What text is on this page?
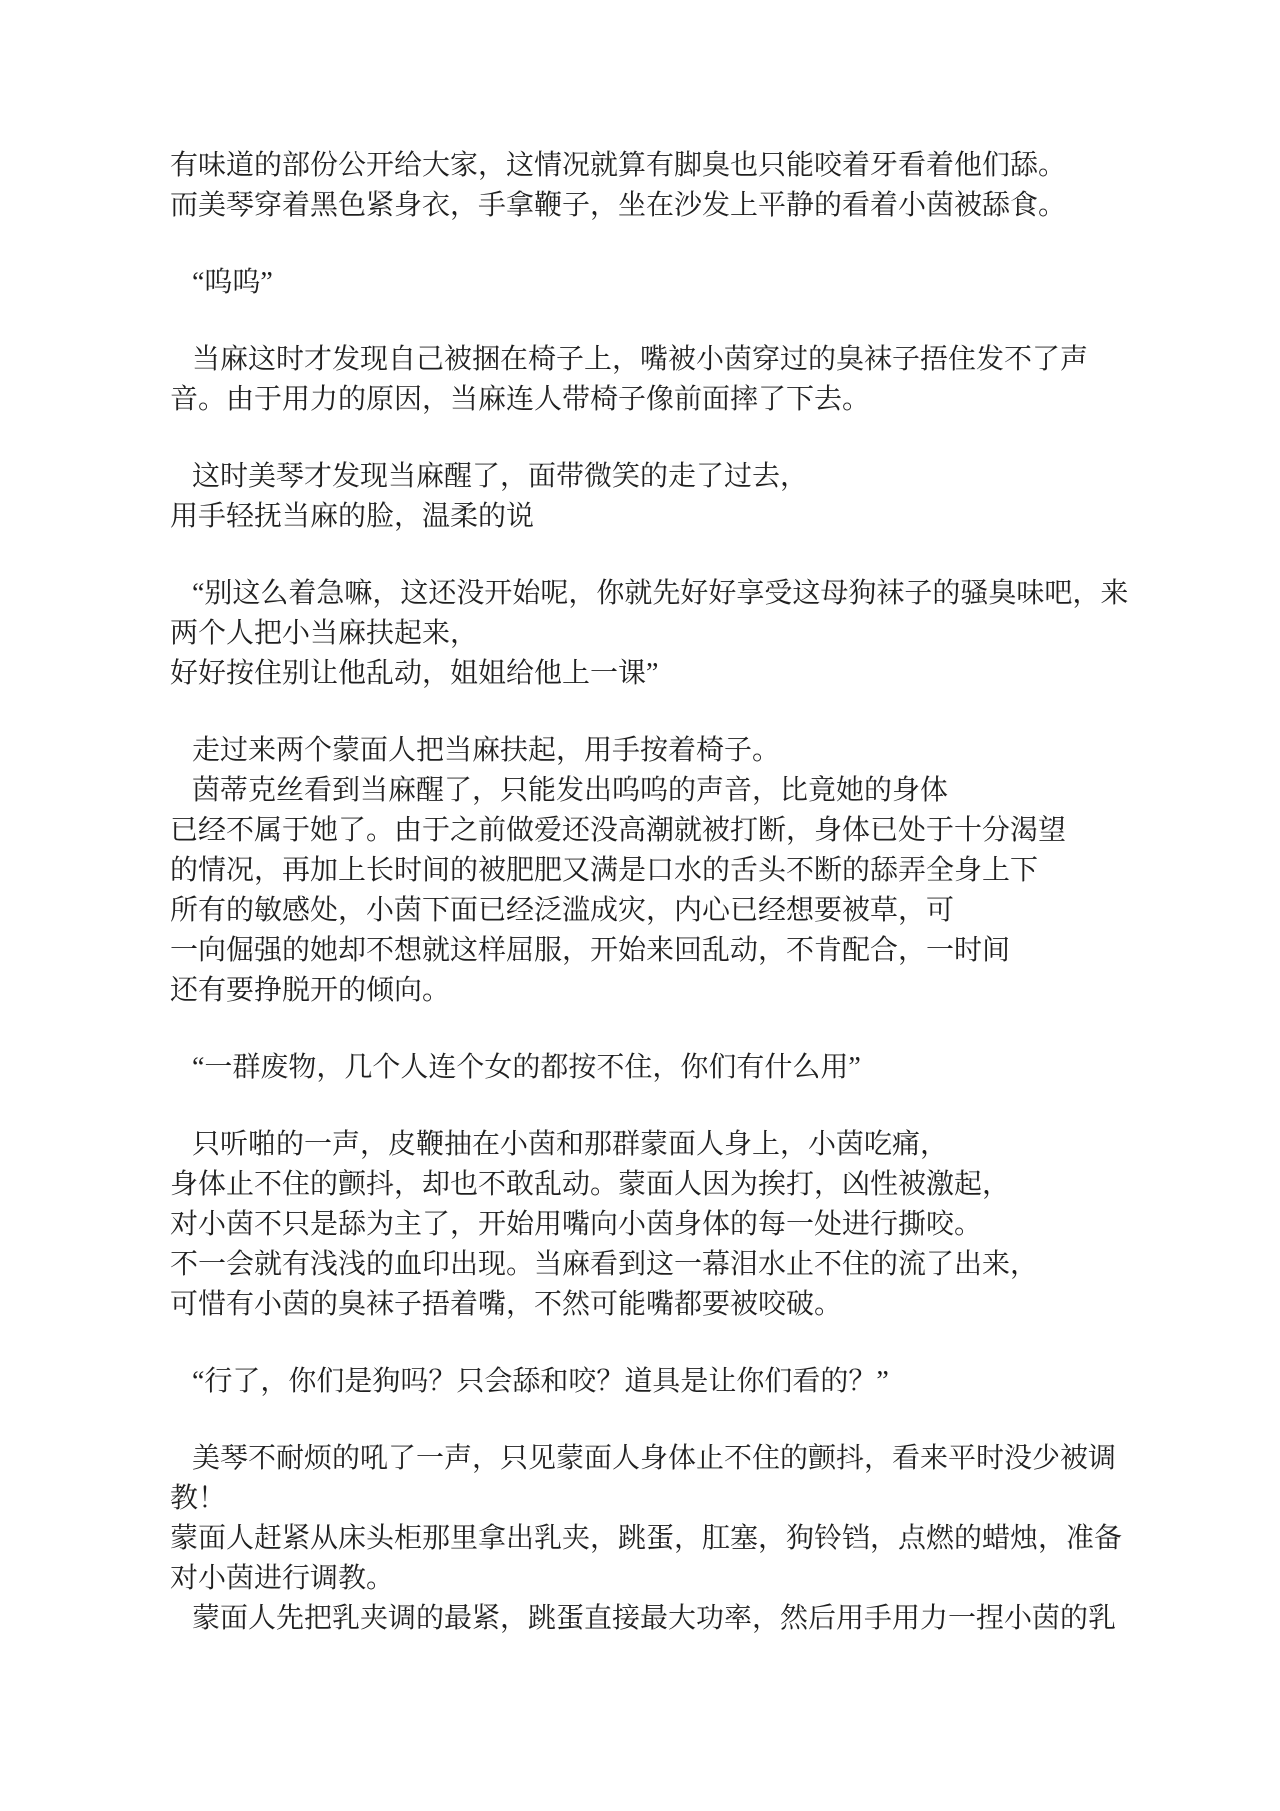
有味道的部份公开给大家，这情况就算有脚臭也只能咬着牙看着他们舔。
而美琴穿着黑色紧身衣，手拿鞭子，坐在沙发上平静的看着小茵被舔食。

“呜呜”

当麻这时才发现自己被捆在椅子上，嘴被小茵穿过的臭袜子捂住发不了声
音。由于用力的原因，当麻连人带椅子像前面摔了下去。

这时美琴才发现当麻醒了，面带微笑的走了过去，
用手轻抚当麻的脸，温柔的说

“别这么着急嘛，这还没开始呢，你就先好好享受这母狗袜子的骚臭味吧，来
两个人把小当麻扶起来，
好好按住别让他乱动，姐姐给他上一课”

走过来两个蒙面人把当麻扶起，用手按着椅子。
茵蒂克丝看到当麻醒了，只能发出呜呜的声音，比竟她的身体
已经不属于她了。由于之前做爱还没高潮就被打断，身体已处于十分渴望
的情况，再加上长时间的被肥肥又满是口水的舌头不断的舔弄全身上下
所有的敏感处，小茵下面已经泛滥成灾，内心已经想要被草，可
一向倔强的她却不想就这样屈服，开始来回乱动，不肯配合，一时间
还有要挣脱开的倾向。

“一群废物，几个人连个女的都按不住，你们有什么用”

只听啪的一声，皮鞭抽在小茵和那群蒙面人身上，小茵吃痛，
身体止不住的颤抖，却也不敢乱动。蒙面人因为挨打，凶性被激起，
对小茵不只是舔为主了，开始用嘴向小茵身体的每一处进行撕咬。
不一会就有浅浅的血印出现。当麻看到这一幕泪水止不住的流了出来，
可惜有小茵的臭袜子捂着嘴，不然可能嘴都要被咬破。

“行了，你们是狗吗？只会舔和咬？道具是让你们看的？”

美琴不耐烦的吼了一声，只见蒙面人身体止不住的颤抖，看来平时没少被调
教！
蒙面人赶紧从床头柜那里拿出乳夹，跳蛋，肛塞，狗铃铛，点燃的蜡烛，准备
对小茵进行调教。
蒙面人先把乳夹调的最紧，跳蛋直接最大功率，然后用手用力一捏小茵的乳
